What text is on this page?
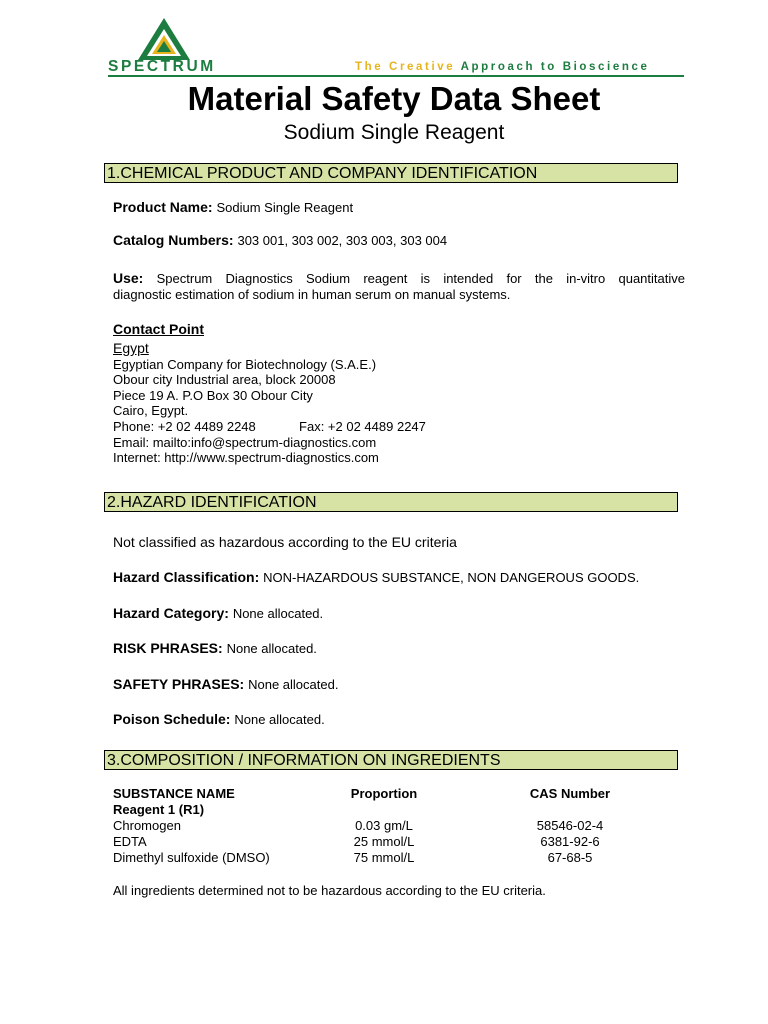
SPECTRUM	The Creative Approach to Bioscience
Material Safety Data Sheet
Sodium Single Reagent
1.CHEMICAL PRODUCT AND COMPANY IDENTIFICATION
Product Name: Sodium Single Reagent
Catalog Numbers: 303 001, 303 002, 303 003, 303 004

Use: Spectrum Diagnostics Sodium reagent is intended for the in-vitro quantitative

diagnostic estimation of sodium in human serum on manual systems.

Contact Point
Egypt
Egyptian Company for Biotechnology (S.A.E.)
Obour city Industrial area, block 20008
Piece 19 A. P.O Box 30 Obour City
Cairo, Egypt.
Phone: +2 02 4489 2248	Fax: +2 02 4489 2247
Email: mailto:info@spectrum-diagnostics.com
Internet: http://www.spectrum-diagnostics.com
2.HAZARD IDENTIFICATION
Not classified as hazardous according to the EU criteria
Hazard Classification: NON-HAZARDOUS SUBSTANCE, NON DANGEROUS GOODS.
Hazard Category: None allocated.
RISK PHRASES: None allocated.
SAFETY PHRASES: None allocated.
Poison Schedule: None allocated.
3.COMPOSITION / INFORMATION ON INGREDIENTS
SUBSTANCE NAME
Reagent 1 (R1)
Chromogen
EDTA
Dimethyl sulfoxide (DMSO)
Proportion
0.03 gm/L
25 mmol/L
75 mmol/L
CAS Number
58546-02-4
6381-92-6
67-68-5
All ingredients determined not to be hazardous according to the EU criteria.
